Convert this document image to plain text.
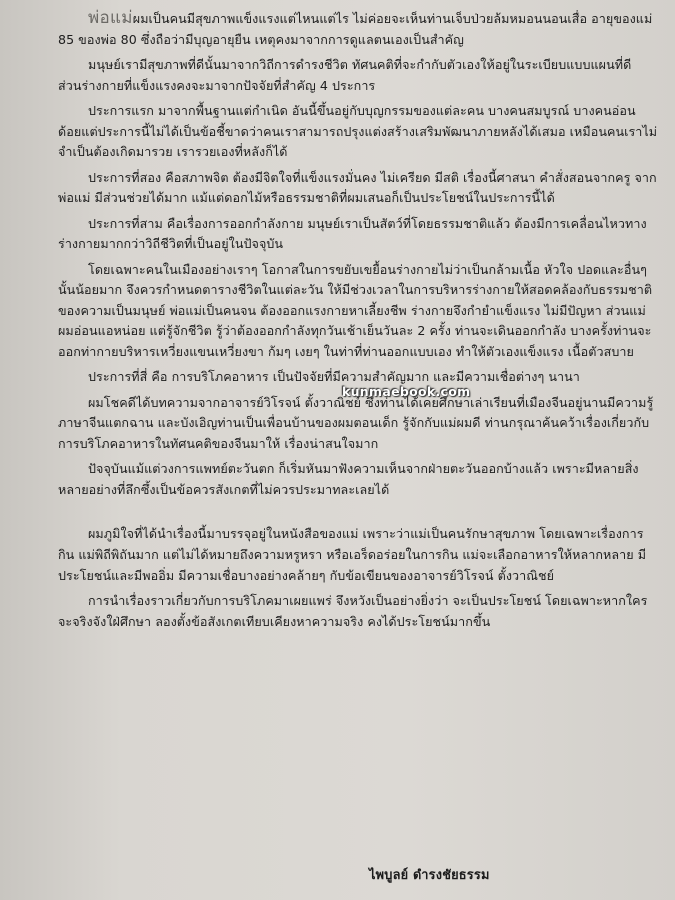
พ่อแม่ผมเป็นคนมีสุขภาพแข็งแรงแต่ไหนแต่ไร ไม่ค่อยจะเห็นท่านเจ็บป่วยล้มหมอนนอนเสื่อ อายุของแม่ 85 ของพ่อ 80 ซึ่งถือว่ามีบุญอายุยืน เหตุคงมาจากการดูแลตนเองเป็นสำคัญ

มนุษย์เรามีสุขภาพที่ดีนั้นมาจากวิถีการดำรงชีวิต ทัศนคติที่จะกำกับตัวเองให้อยู่ในระเบียบแบบแผนที่ดี ส่วนร่างกายที่แข็งแรงคงจะมาจากปัจจัยที่สำคัญ 4 ประการ

ประการแรก มาจากพื้นฐานแต่กำเนิด อันนี้ขึ้นอยู่กับบุญกรรมของแต่ละคน บางคนสมบูรณ์ บางคนอ่อนด้อยแต่ประการนี้ไม่ได้เป็นข้อชี้ขาดว่าคนเราสามารถปรุงแต่งสร้างเสริมพัฒนาภายหลังได้เสมอ เหมือนคนเราไม่จำเป็นต้องเกิดมารวย เรารวยเองที่หลังก็ได้

ประการที่สอง คือสภาพจิต ต้องมีจิตใจที่แข็งแรงมั่นคง ไม่เครียด มีสติ เรื่องนี้ศาสนา คำสั่งสอนจากครู จากพ่อแม่ มีส่วนช่วยได้มาก แม้แต่ดอกไม้หรือธรรมชาติที่ผมเสนอก็เป็นประโยชน์ในประการนี้ได้

ประการที่สาม คือเรื่องการออกกำลังกาย มนุษย์เราเป็นสัตว์ที่โดยธรรมชาติแล้ว ต้องมีการเคลื่อนไหวทางร่างกายมากกว่าวิถีชีวิตที่เป็นอยู่ในปัจจุบัน

โดยเฉพาะคนในเมืองอย่างเราๆ โอกาสในการขยับเขยื้อนร่างกายไม่ว่าเป็นกล้ามเนื้อ หัวใจ ปอดและอื่นๆ นั้นน้อยมาก จึงควรกำหนดตารางชีวิตในแต่ละวัน ให้มีช่วงเวลาในการบริหารร่างกายให้สอดคล้องกับธรรมชาติของความเป็นมนุษย์ พ่อแม่เป็นคนจน ต้องออกแรงกายหาเลี้ยงชีพ ร่างกายจึงกำยำแข็งแรง ไม่มีปัญหา ส่วนแม่ผมอ่อนแอหน่อย แต่รู้จักชีวิต รู้ว่าต้องออกกำลังทุกวันเช้าเย็นวันละ 2 ครั้ง ท่านจะเดินออกกำลัง บางครั้งท่านจะออกท่ากายบริหารเหวี่ยงแขนเหวี่ยงขา ก้มๆ เงยๆ ในท่าที่ท่านออกแบบเอง ทำให้ตัวเองแข็งแรง เนื้อตัวสบาย

ประการที่สี่ คือ การบริโภคอาหาร เป็นปัจจัยที่มีความสำคัญมาก และมีความเชื่อต่างๆ นานา

ผมโชคดีได้บทความจากอาจารย์วิโรจน์ ตั้งวาณิชย์ ซึ่งท่านได้เคยศึกษาเล่าเรียนที่เมืองจีนอยู่นานมีความรู้ภาษาจีนแตกฉาน และบังเอิญท่านเป็นเพื่อนบ้านของผมตอนเด็ก รู้จักกับแม่ผมดี ท่านกรุณาค้นคว้าเรื่องเกี่ยวกับการบริโภคอาหารในทัศนคติของจีนมาให้ เรื่องน่าสนใจมาก

ปัจจุบันแม้แต่วงการแพทย์ตะวันตก ก็เริ่มหันมาฟังความเห็นจากฝ่ายตะวันออกบ้างแล้ว เพราะมีหลายสิ่งหลายอย่างที่ลึกซึ้งเป็นข้อควรสังเกตที่ไม่ควรประมาทละเลยได้

ผมภูมิใจที่ได้นำเรื่องนี้มาบรรจุอยู่ในหนังสือของแม่ เพราะว่าแม่เป็นคนรักษาสุขภาพ โดยเฉพาะเรื่องการกิน แม่พิถีพิถันมาก แต่ไม่ได้หมายถึงความหรูหรา หรือเอร็ดอร่อยในการกิน แม่จะเลือกอาหารให้หลากหลาย มีประโยชน์และมีพออิ่ม มีความเชื่อบางอย่างคล้ายๆ กับข้อเขียนของอาจารย์วิโรจน์ ตั้งวาณิชย์

การนำเรื่องราวเกี่ยวกับการบริโภคมาเผยแพร่ จึงหวังเป็นอย่างยิ่งว่า จะเป็นประโยชน์ โดยเฉพาะหากใครจะจริงจังใฝ่ศึกษา ลองตั้งข้อสังเกตเทียบเคียงหาความจริง คงได้ประโยชน์มากขึ้น

kunmaebook.com
ไพบูลย์ ดำรงชัยธรรม
